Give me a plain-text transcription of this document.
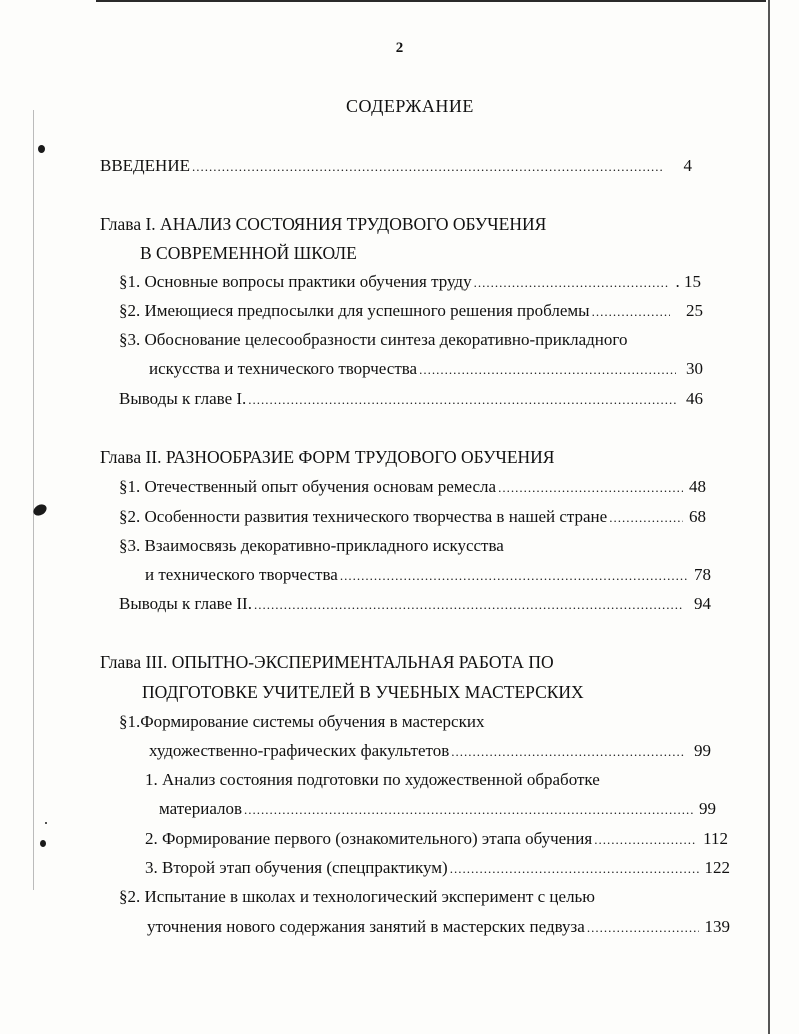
2
СОДЕРЖАНИЕ
ВВЕДЕНИЕ .....	4
Глава I. АНАЛИЗ СОСТОЯНИЯ ТРУДОВОГО ОБУЧЕНИЯ
В СОВРЕМЕННОЙ ШКОЛЕ
§1. Основные вопросы практики обучения труду .....	. 15
§2. Имеющиеся предпосылки для успешного решения проблемы .....	25
§3. Обоснование целесообразности синтеза декоративно-прикладного
искусства и технического творчества .....	30
Выводы к главе I. .....	46
Глава II. РАЗНООБРАЗИЕ ФОРМ ТРУДОВОГО ОБУЧЕНИЯ
§1. Отечественный опыт обучения основам ремесла .....	48
§2. Особенности развития технического творчества в нашей стране .....	68
§3. Взаимосвязь декоративно-прикладного искусства
и технического творчества .....	78
Выводы к главе II. .....	94
Глава III. ОПЫТНО-ЭКСПЕРИМЕНТАЛЬНАЯ РАБОТА ПО
ПОДГОТОВКЕ УЧИТЕЛЕЙ В УЧЕБНЫХ МАСТЕРСКИХ
§1.Формирование системы обучения в мастерских
художественно-графических факультетов .....	99
1. Анализ состояния подготовки по художественной обработке
материалов .....	99
2. Формирование первого (ознакомительного) этапа обучения .....	112
3. Второй этап обучения (спецпрактикум) .....	122
§2. Испытание в школах и технологический эксперимент с целью
уточнения нового содержания занятий в мастерских педвуза .....	139
